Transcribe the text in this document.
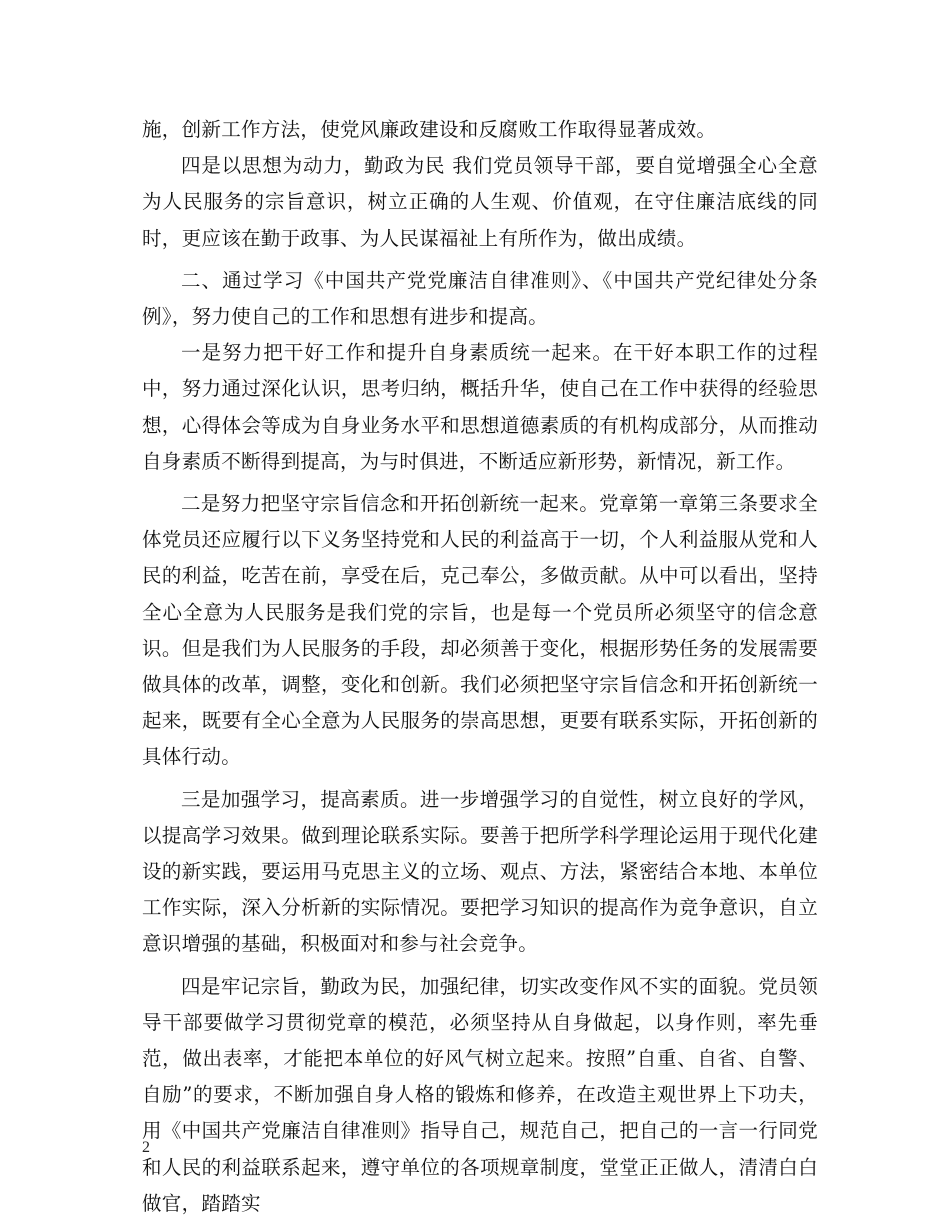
施，创新工作方法，使党风廉政建设和反腐败工作取得显著成效。

四是以思想为动力，勤政为民 我们党员领导干部，要自觉增强全心全意为人民服务的宗旨意识，树立正确的人生观、价值观，在守住廉洁底线的同时，更应该在勤于政事、为人民谋福祉上有所作为，做出成绩。

二、通过学习《中国共产党党廉洁自律准则》、《中国共产党纪律处分条例》，努力使自己的工作和思想有进步和提高。

一是努力把干好工作和提升自身素质统一起来。在干好本职工作的过程中，努力通过深化认识，思考归纳，概括升华，使自己在工作中获得的经验思想，心得体会等成为自身业务水平和思想道德素质的有机构成部分，从而推动自身素质不断得到提高，为与时俱进，不断适应新形势，新情况，新工作。

二是努力把坚守宗旨信念和开拓创新统一起来。党章第一章第三条要求全体党员还应履行以下义务坚持党和人民的利益高于一切，个人利益服从党和人民的利益，吃苦在前，享受在后，克己奉公，多做贡献。从中可以看出，坚持全心全意为人民服务是我们党的宗旨，也是每一个党员所必须坚守的信念意识。但是我们为人民服务的手段，却必须善于变化，根据形势任务的发展需要做具体的改革，调整，变化和创新。我们必须把坚守宗旨信念和开拓创新统一起来，既要有全心全意为人民服务的崇高思想，更要有联系实际，开拓创新的具体行动。

三是加强学习，提高素质。进一步增强学习的自觉性，树立良好的学风，以提高学习效果。做到理论联系实际。要善于把所学科学理论运用于现代化建设的新实践，要运用马克思主义的立场、观点、方法，紧密结合本地、本单位工作实际，深入分析新的实际情况。要把学习知识的提高作为竞争意识，自立意识增强的基础，积极面对和参与社会竞争。

四是牢记宗旨，勤政为民，加强纪律，切实改变作风不实的面貌。党员领导干部要做学习贯彻党章的模范，必须坚持从自身做起，以身作则，率先垂范，做出表率，才能把本单位的好风气树立起来。按照”自重、自省、自警、自励”的要求，不断加强自身人格的锻炼和修养，在改造主观世界上下功夫，用《中国共产党廉洁自律准则》指导自己，规范自己，把自己的一言一行同党和人民的利益联系起来，遵守单位的各项规章制度，堂堂正正做人，清清白白做官，踏踏实

2
